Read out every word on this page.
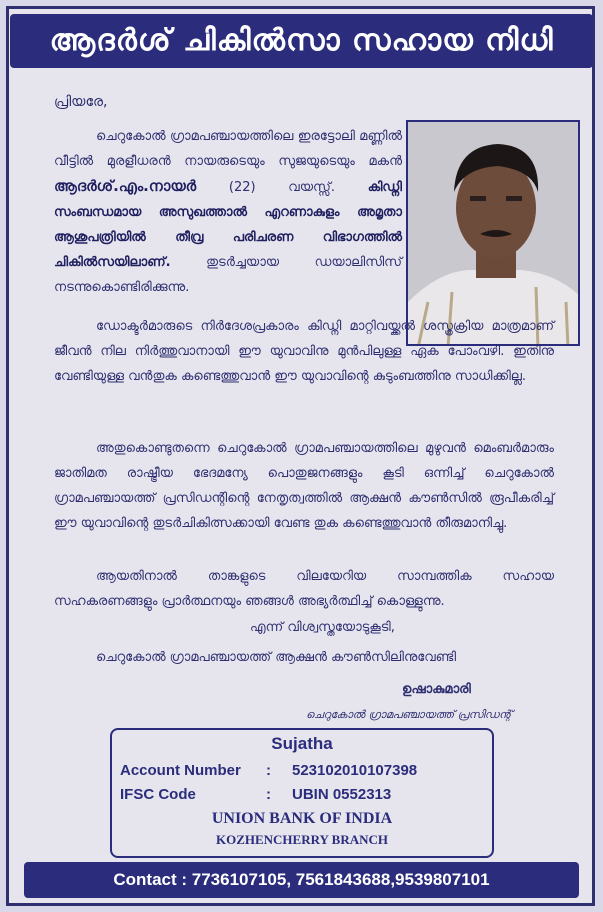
ആദർശ് ചികിൽസാ സഹായ നിധി
പ്രിയരേ,
ചെറുകോൽ ഗ്രാമപഞ്ചായത്തിലെ ഇരട്ടോലി മണ്ണിൽ വീട്ടിൽ മുരളീധരൻ നായരുടെയും സുജയുടെയും മകൻ ആദർശ്.എം.നായർ (22) വയസ്സ്. കിഡ്നി സംബന്ധമായ അസുഖത്താൽ എറണാകുളം അമൃതാ ആശുപത്രിയിൽ തീവ്ര പരിചരണ വിഭാഗത്തിൽ ചികിൽസയിലാണ്. തുടർച്ചയായ ഡയാലിസിസ് നടന്നുകൊണ്ടിരിക്കുന്നു.
ഡോക്ടർമാരുടെ നിർദേശപ്രകാരം കിഡ്നി മാറ്റിവയ്ക്കൽ ശസ്ത്രക്രിയ മാത്രമാണ് ജീവൻ നില നിർത്തുവാനായി ഈ യുവാവിനു മുൻപിലുള്ള ഏക പോംവഴി. ഇതിനു വേണ്ടിയുള്ള വൻതുക കണ്ടെത്തുവാൻ ഈ യുവാവിന്റെ കുടുംബത്തിനു സാധിക്കില്ല.
അതുകൊണ്ടുതന്നെ ചെറുകോൽ ഗ്രാമപഞ്ചായത്തിലെ മുഴുവൻ മെംബർമാരും ജാതിമത രാഷ്ട്രീയ ഭേദമന്യേ പൊതുജനങ്ങളും കൂടി ഒന്നിച്ച് ചെറുകോൽ ഗ്രാമപഞ്ചായത്ത് പ്രസിഡന്റിന്റെ നേതൃത്വത്തിൽ ആക്ഷൻ കൗൺസിൽ രൂപീകരിച്ച് ഈ യുവാവിന്റെ തുടർചികിത്സക്കായി വേണ്ട തുക കണ്ടെത്തുവാൻ തീരുമാനിച്ചു.
ആയതിനാൽ താങ്കളുടെ വിലയേറിയ സാമ്പത്തിക സഹായ സഹകരണങ്ങളും പ്രാർത്ഥനയും ഞങ്ങൾ അഭ്യർത്ഥിച്ച് കൊള്ളുന്നു.
എന്ന് വിശ്വസ്തയോടുകൂടി,
ചെറുകോൽ ഗ്രാമപഞ്ചായത്ത് ആക്ഷൻ കൗൺസിലിനുവേണ്ടി
ഉഷാകുമാരി
ചെറുകോൽ ഗ്രാമപഞ്ചായത്ത് പ്രസിഡന്റ്
Sujatha
Account Number : 523102010107398
IFSC Code	: UBIN 0552313
UNION BANK OF INDIA
KOZHENCHERRY BRANCH
Contact : 7736107105, 7561843688,9539807101
